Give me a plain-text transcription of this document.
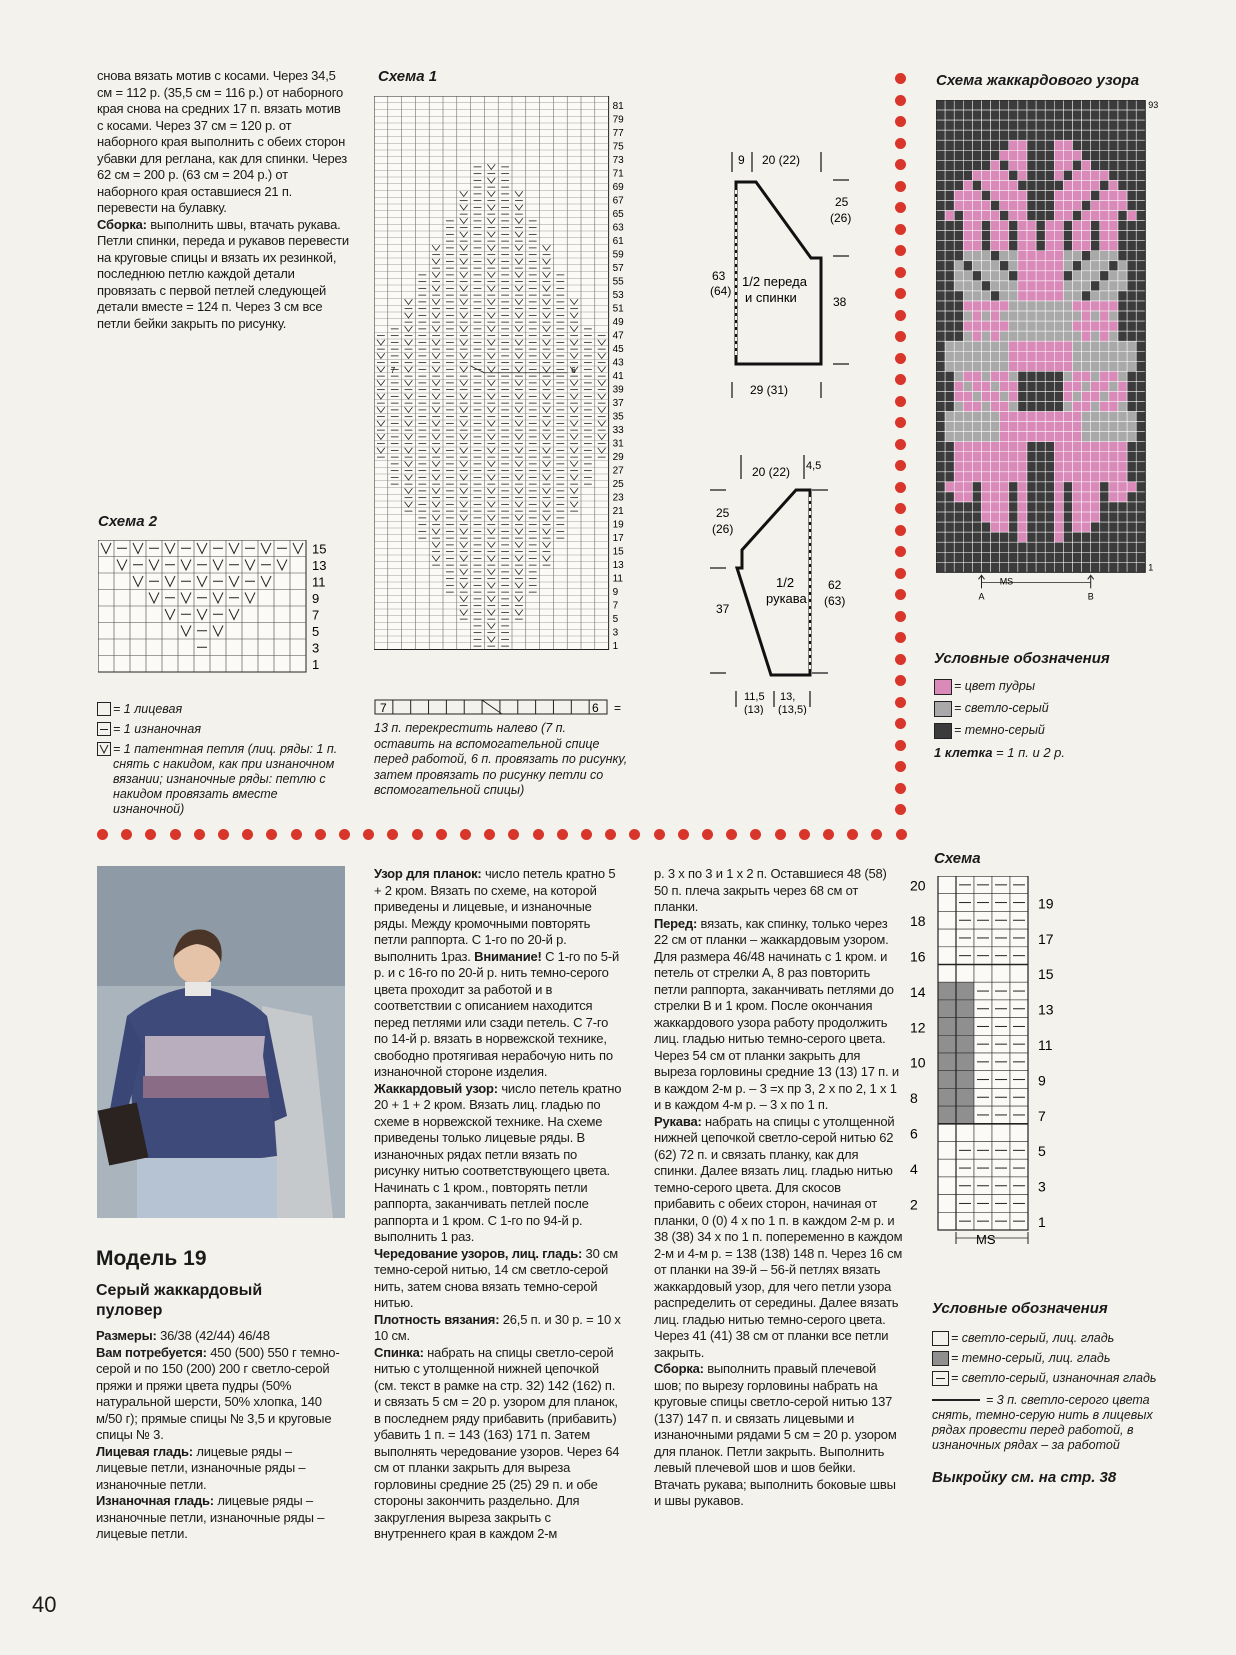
снова вязать мотив с косами. Через 34,5 см = 112 р. (35,5 см = 116 р.) от наборного края снова на средних 17 п. вязать мотив с косами. Через 37 см = 120 р. от наборного края выполнить с обеих сторон убавки для реглана, как для спинки. Через 62 см = 200 р. (63 см = 204 р.) от наборного края оставшиеся 21 п. перевести на булавку.

Сборка: выполнить швы, втачать рукава. Петли спинки, переда и рукавов перевести на круговые спицы и вязать их резинкой, последнюю петлю каждой детали провязать с первой петлей следующей детали вместе = 124 п. Через 3 см все петли бейки закрыть по рисунку.

Схема 1
81
79
77
75
73
71
69
67
65
63
61
59
57
55
53
51
49
47
45
43
41
39
37
35
33
31
29
27
25
23
21
19
17
15
13
11
9
7
5
3
1
7	6
7	6 =
13 п. перекрестить налево (7 п. оставить на вспомогательной спице перед работой, 6 п. провязать по рисунку, затем провязать по рисунку петли со вспомогательной спицы)
Схема 2
15
13
11
9
7
5
3
1
= 1 лицевая
= 1 изнаночная
= 1 патентная петля (лиц. ряды: 1 п. снять с накидом, как при изнаночном вязании; изнаночные ряды: петлю с накидом провязать вместе изнаночной)
9 20 (22)
25
(26)
63
(64)
1/2 переда
и спинки	38
29 (31)
20 (22) 4,5
25
(26)
37
1/2
рукава
62
(63)
11,5
(13)
13,
(13,5)
Схема жаккардового узора
93
1
MS
A	B
Условные обозначения
= цвет пудры
= светло-серый
= темно-серый
1 клетка = 1 п. и 2 р.
Модель 19
Серый жаккардовый пуловер

Размеры: 36/38 (42/44) 46/48

Вам потребуется: 450 (500) 550 г темно-серой и по 150 (200) 200 г светло-серой пряжи и пряжи цвета пудры (50% натуральной шерсти, 50% хлопка, 140 м/50 г); прямые спицы № 3,5 и круговые спицы № 3.

Лицевая гладь: лицевые ряды – лицевые петли, изнаночные ряды – изнаночные петли.

Изнаночная гладь: лицевые ряды – изнаночные петли, изнаночные ряды – лицевые петли.

Узор для планок: число петель кратно 5 + 2 кром. Вязать по схеме, на которой приведены и лицевые, и изнаночные ряды. Между кромочными повторять петли раппорта. С 1-го по 20-й р. выполнить 1раз. Внимание! С 1-го по 5-й р. и с 16-го по 20-й р. нить темно-серого цвета проходит за работой и в соответствии с описанием находится перед петлями или сзади петель. С 7-го по 14-й р. вязать в норвежской технике, свободно протягивая нерабочую нить по изнаночной стороне изделия.

Жаккардовый узор: число петель кратно 20 + 1 + 2 кром. Вязать лиц. гладью по схеме в норвежской технике. На схеме приведены только лицевые ряды. В изнаночных рядах петли вязать по рисунку нитью соответствующего цвета. Начинать с 1 кром., повторять петли раппорта, заканчивать петлей после раппорта и 1 кром. С 1-го по 94-й р. выполнить 1 раз.

Чередование узоров, лиц. гладь: 30 см темно-серой нитью, 14 см светло-серой нить, затем снова вязать темно-серой нитью.

Плотность вязания: 26,5 п. и 30 р. = 10 х 10 см.

Спинка: набрать на спицы светло-серой нитью с утолщенной нижней цепочкой (см. текст в рамке на стр. 32) 142 (162) п. и связать 5 см = 20 р. узором для планок, в последнем ряду прибавить (прибавить) убавить 1 п. = 143 (163) 171 п. Затем выполнять чередование узоров. Через 64 см от планки закрыть для выреза горловины средние 25 (25) 29 п. и обе стороны закончить раздельно. Для закругления выреза закрыть с внутреннего края в каждом 2-м

р. 3 х по 3 и 1 х 2 п. Оставшиеся 48 (58) 50 п. плеча закрыть через 68 см от планки.

Перед: вязать, как спинку, только через 22 см от планки – жаккардовым узором. Для размера 46/48 начинать с 1 кром. и петель от стрелки А, 8 раз повторить петли раппорта, заканчивать петлями до стрелки В и 1 кром. После окончания жаккардового узора работу продолжить лиц. гладью нитью темно-серого цвета. Через 54 см от планки закрыть для выреза горловины средние 13 (13) 17 п. и в каждом 2-м р. – 3 =х пр 3, 2 х по 2, 1 х 1 и в каждом 4-м р. – 3 х по 1 п.

Рукава: набрать на спицы с утолщенной нижней цепочкой светло-серой нитью 62 (62) 72 п. и связать планку, как для спинки. Далее вязать лиц. гладью нитью темно-серого цвета. Для скосов прибавить с обеих сторон, начиная от планки, 0 (0) 4 х по 1 п. в каждом 2-м р. и 38 (38) 34 х по 1 п. попеременно в каждом 2-м и 4-м р. = 138 (138) 148 п. Через 16 см от планки на 39-й – 56-й петлях вязать жаккардовый узор, для чего петли узора распределить от середины. Далее вязать лиц. гладью нитью темно-серого цвета. Через 41 (41) 38 см от планки все петли закрыть.

Сборка: выполнить правый плечевой шов; по вырезу горловины набрать на круговые спицы светло-серой нитью 137 (137) 147 п. и связать лицевыми и изнаночными рядами 5 см = 20 р. узором для планок. Петли закрыть. Выполнить левый плечевой шов и шов бейки. Втачать рукава; выполнить боковые швы и швы рукавов.

Схема
20
18
16
14
12
10
8
6
4
2
19
17
15
13
11
9
7
5
3
1
MS
Условные обозначения
= светло-серый, лиц. гладь
= темно-серый, лиц. гладь
= светло-серый, изнаночная гладь
= 3 п. светло-серого цвета снять, темно-серую нить в лицевых рядах провести перед работой, в изнаночных рядах – за работой
Выкройку см. на стр. 38
40
